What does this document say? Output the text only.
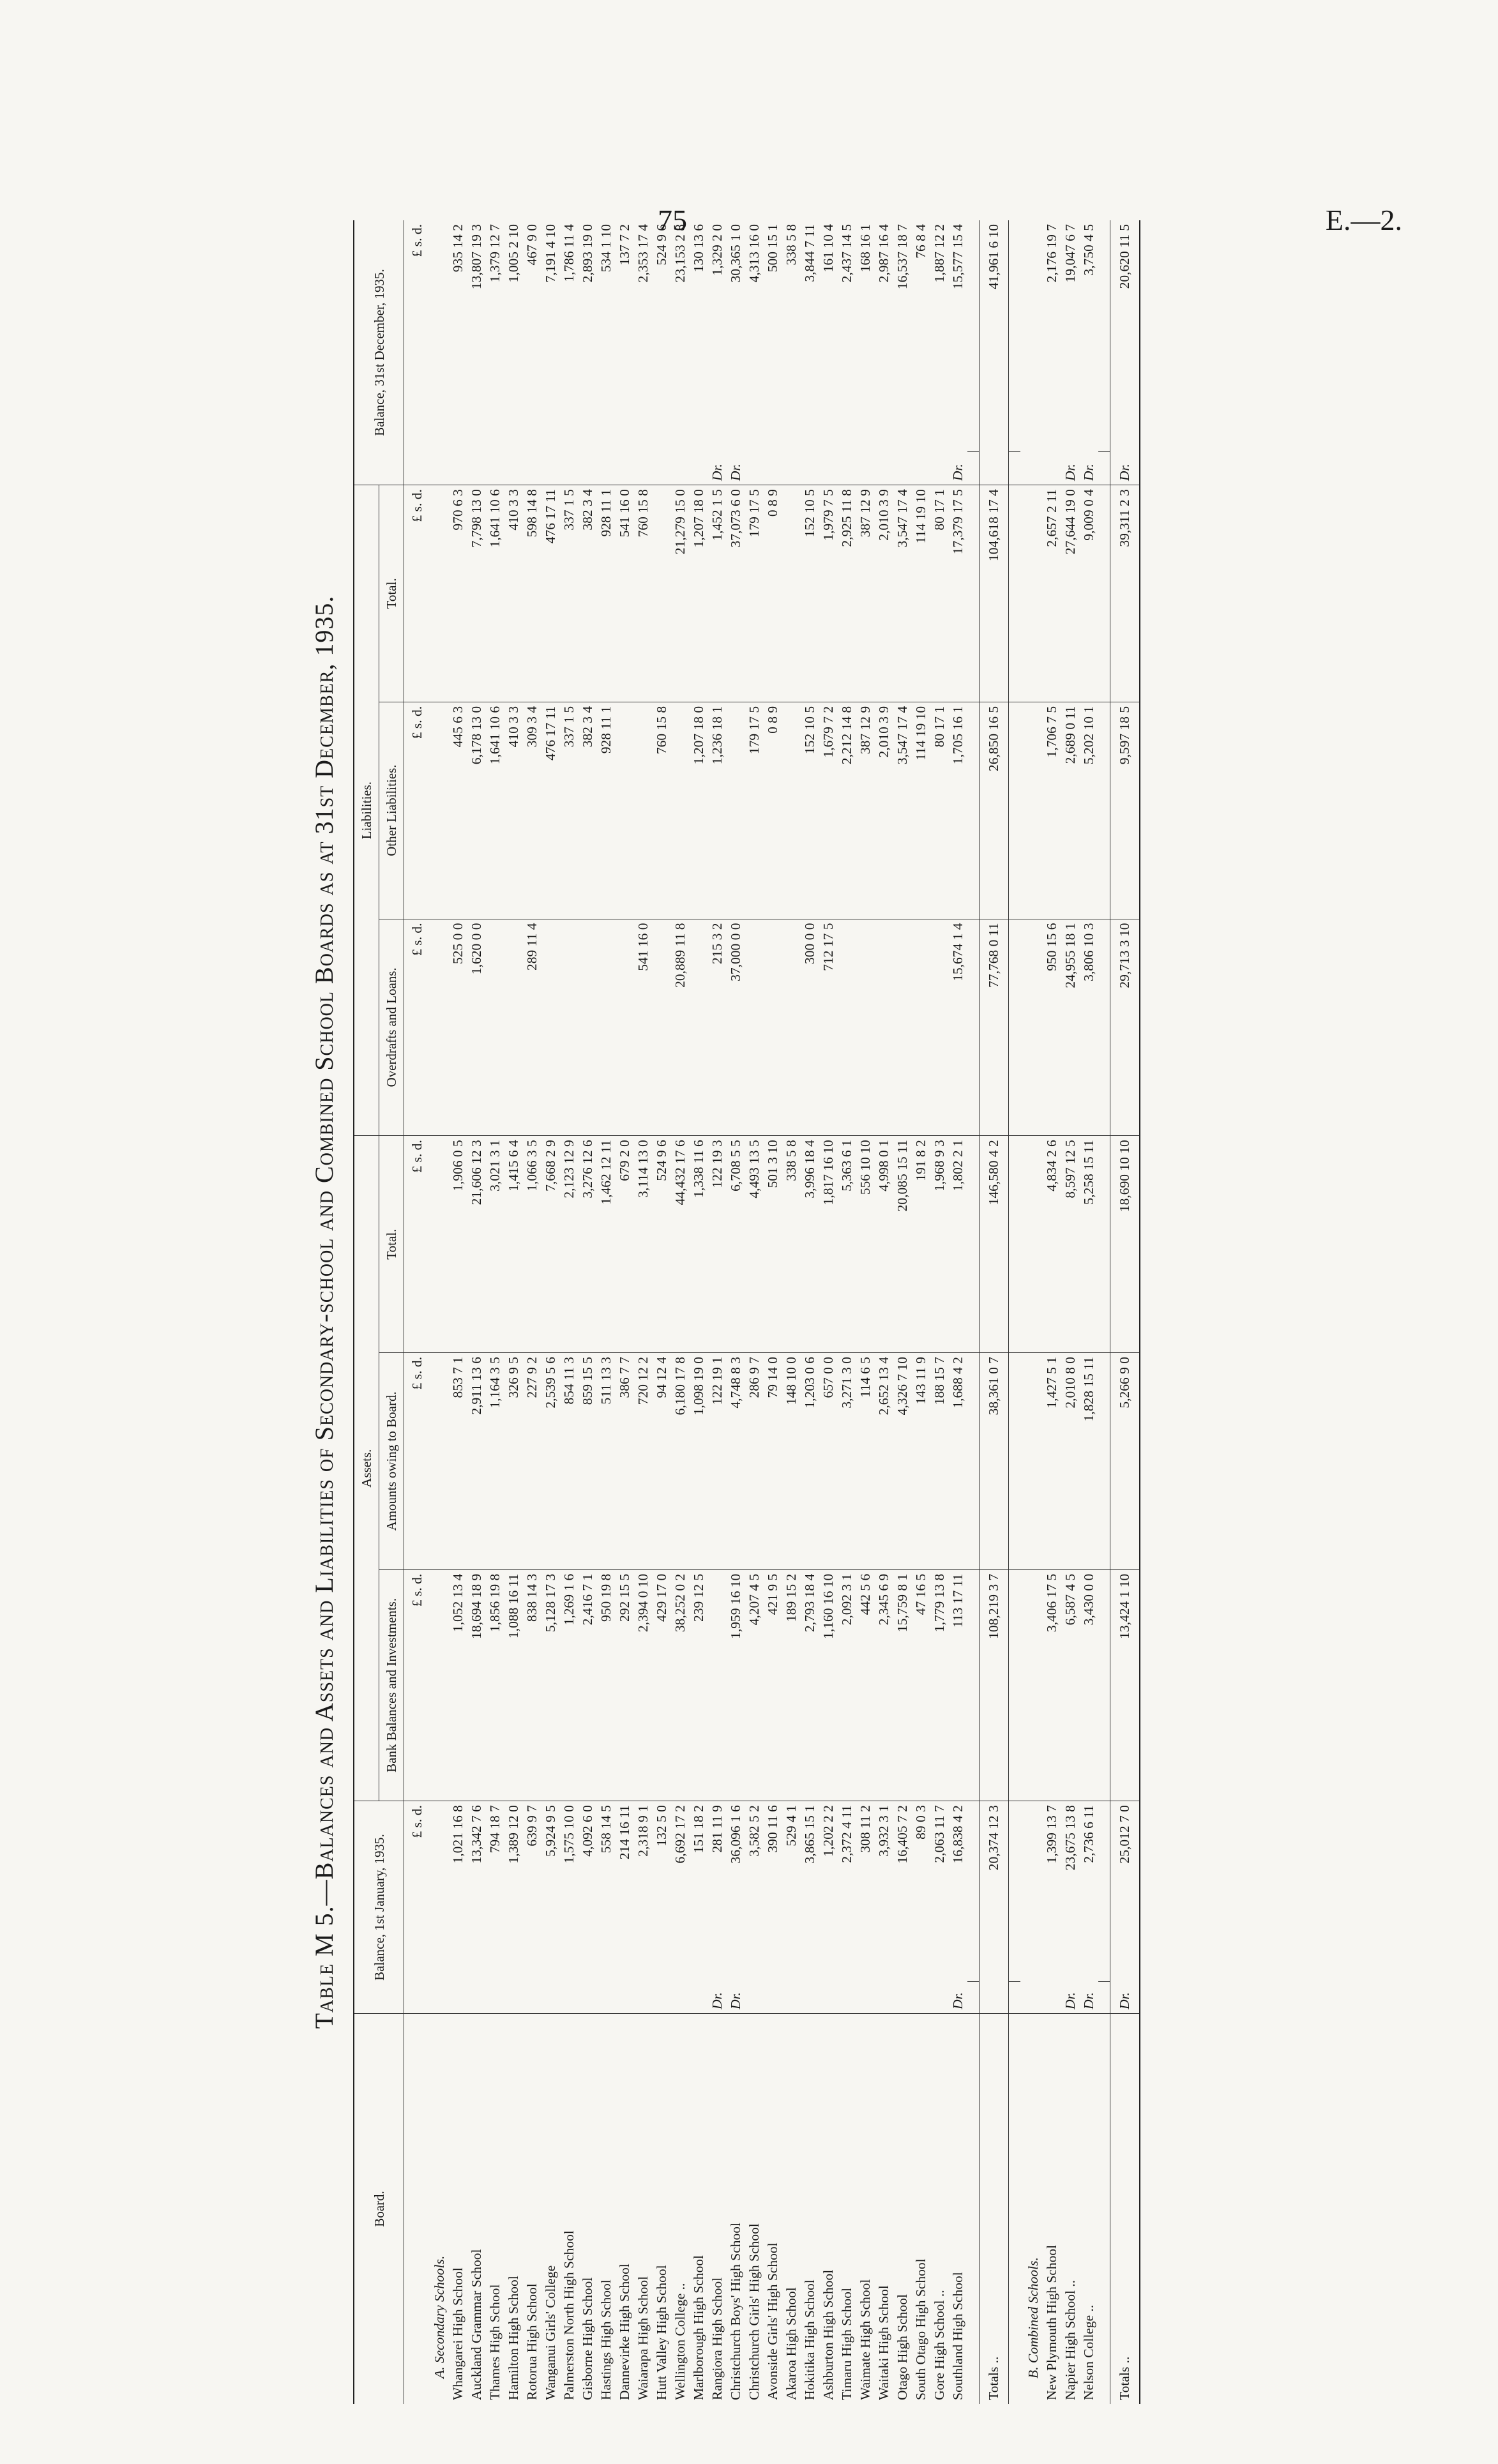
75	E.—2.
Table M 5.—Balances and Assets and Liabilities of Secondary-school and Combined School Boards as at 31st December, 1935.
Board.	Balance, 1st January, 1935.		Assets.			Liabilities.			Balance, 31st December, 1935.	
			Bank Balances and Investments.	Amounts owing to Board.	Total.	Overdrafts and Loans.	Other Liabilities.	Total.		
		£ s. d.	£ s. d.	£ s. d.	£ s. d.	£ s. d.	£ s. d.	£ s. d.		£ s. d.
A. Secondary Schools.										
Whangarei High School		1,021 16 8	1,052 13 4	853 7 1	1,906 0 5	525 0 0	445 6 3	970 6 3		935 14 2
Auckland Grammar School		13,342 7 6	18,694 18 9	2,911 13 6	21,606 12 3	1,620 0 0	6,178 13 0	7,798 13 0		13,807 19 3
Thames High School		794 18 7	1,856 19 8	1,164 3 5	3,021 3 1		1,641 10 6	1,641 10 6		1,379 12 7
Hamilton High School		1,389 12 0	1,088 16 11	326 9 5	1,415 6 4		410 3 3	410 3 3		1,005 2 10
Rotorua High School		639 9 7	838 14 3	227 9 2	1,066 3 5	289 11 4	309 3 4	598 14 8		467 9 0
Wanganui Girls' College		5,924 9 5	5,128 17 3	2,539 5 6	7,668 2 9		476 17 11	476 17 11		7,191 4 10
Palmerston North High School		1,575 10 0	1,269 1 6	854 11 3	2,123 12 9		337 1 5	337 1 5		1,786 11 4
Gisborne High School		4,092 6 0	2,416 7 1	859 15 5	3,276 12 6		382 3 4	382 3 4		2,893 19 0
Hastings High School		558 14 5	950 19 8	511 13 3	1,462 12 11		928 11 1	928 11 1		534 1 10
Dannevirke High School		214 16 11	292 15 5	386 7 7	679 2 0			541 16 0		137 7 2
Waiarapa High School		2,318 9 1	2,394 0 10	720 12 2	3,114 13 0	541 16 0		760 15 8		2,353 17 4
Hutt Valley High School		132 5 0	429 17 0	94 12 4	524 9 6		760 15 8			524 9 6
Wellington College ..		6,692 17 2	38,252 0 2	6,180 17 8	44,432 17 6	20,889 11 8		21,279 15 0		23,153 2 8
Marlborough High School		151 18 2	239 12 5	1,098 19 0	1,338 11 6		1,207 18 0	1,207 18 0		130 13 6
Rangiora High School	Dr.	281 11 9		122 19 1	122 19 3	215 3 2	1,236 18 1	1,452 1 5	Dr.	1,329 2 0
Christchurch Boys' High School	Dr.	36,096 1 6	1,959 16 10	4,748 8 3	6,708 5 5	37,000 0 0		37,073 6 0	Dr.	30,365 1 0
Christchurch Girls' High School		3,582 5 2	4,207 4 5	286 9 7	4,493 13 5		179 17 5	179 17 5		4,313 16 0
Avonside Girls' High School		390 11 6	421 9 5	79 14 0	501 3 10		0 8 9	0 8 9		500 15 1
Akaroa High School		529 4 1	189 15 2	148 10 0	338 5 8					338 5 8
Hokitika High School		3,865 15 1	2,793 18 4	1,203 0 6	3,996 18 4	300 0 0	152 10 5	152 10 5		3,844 7 11
Ashburton High School		1,202 2 2	1,160 16 10	657 0 0	1,817 16 10	712 17 5	1,679 7 2	1,979 7 5		161 10 4
Timaru High School		2,372 4 11	2,092 3 1	3,271 3 0	5,363 6 1		2,212 14 8	2,925 11 8		2,437 14 5
Waimate High School		308 11 2	442 5 6	114 6 5	556 10 10		387 12 9	387 12 9		168 16 1
Waitaki High School		3,932 3 1	2,345 6 9	2,652 13 4	4,998 0 1		2,010 3 9	2,010 3 9		2,987 16 4
Otago High School		16,405 7 2	15,759 8 1	4,326 7 10	20,085 15 11		3,547 17 4	3,547 17 4		16,537 18 7
South Otago High School		89 0 3	47 16 5	143 11 9	191 8 2		114 19 10	114 19 10		76 8 4
Gore High School ..		2,063 11 7	1,779 13 8	188 15 7	1,968 9 3		80 17 1	80 17 1		1,887 12 2
Southland High School	Dr.	16,838 4 2	113 17 11	1,688 4 2	1,802 2 1	15,674 1 4	1,705 16 1	17,379 17 5	Dr.	15,577 15 4

Totals ..		20,374 12 3	108,219 3 7	38,361 0 7	146,580 4 2	77,768 0 11	26,850 16 5	104,618 17 4		41,961 6 10

B. Combined Schools.										
New Plymouth High School		1,399 13 7	3,406 17 5	1,427 5 1	4,834 2 6	950 15 6	1,706 7 5	2,657 2 11		2,176 19 7
Napier High School ..	Dr.	23,675 13 8	6,587 4 5	2,010 8 0	8,597 12 5	24,955 18 1	2,689 0 11	27,644 19 0	Dr.	19,047 6 7
Nelson College ..	Dr.	2,736 6 11	3,430 0 0	1,828 15 11	5,258 15 11	3,806 10 3	5,202 10 1	9,009 0 4	Dr.	3,750 4 5

Totals ..	Dr.	25,012 7 0	13,424 1 10	5,266 9 0	18,690 10 10	29,713 3 10	9,597 18 5	39,311 2 3	Dr.	20,620 11 5
